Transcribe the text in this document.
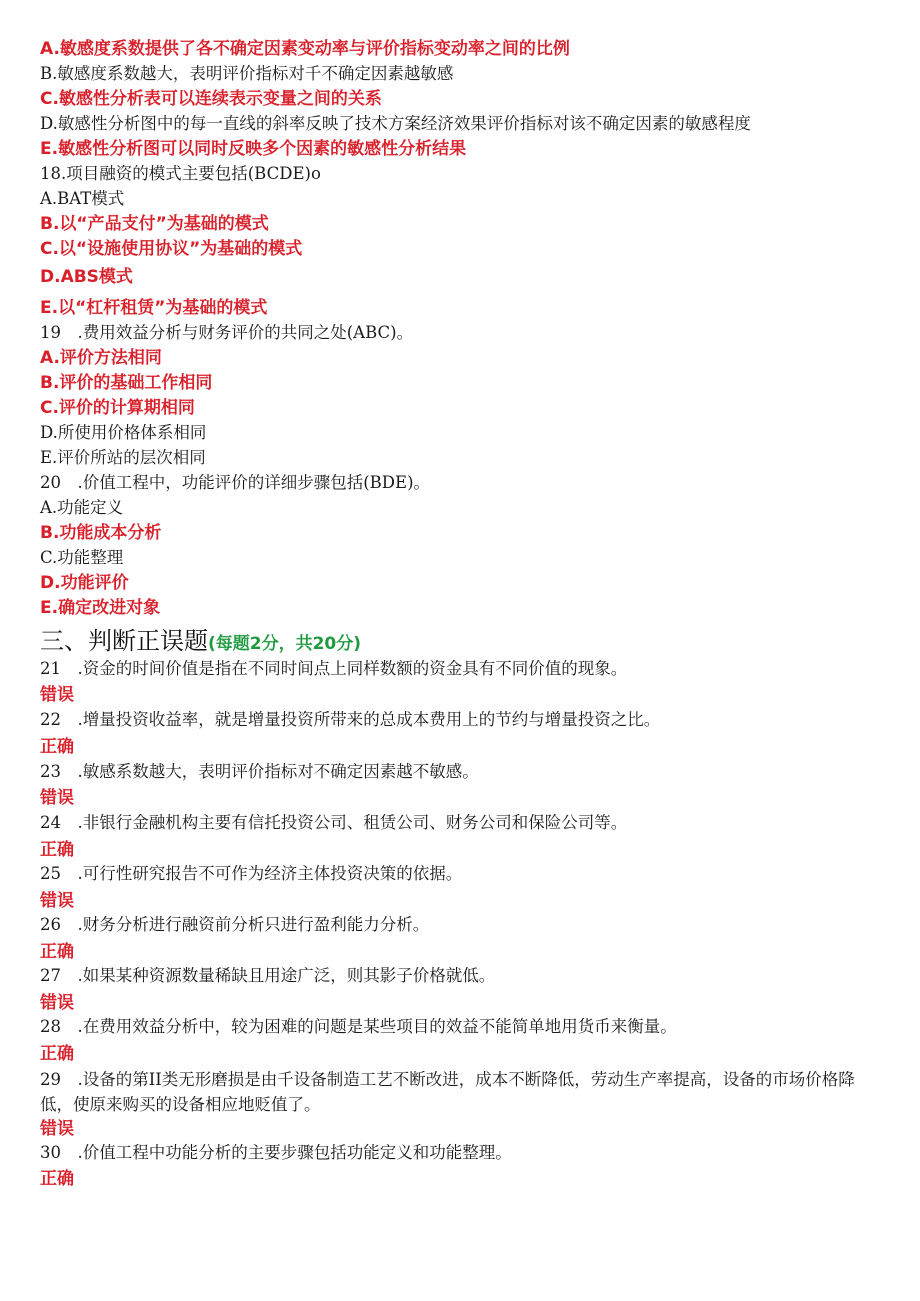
A.敏感度系数提供了各不确定因素变动率与评价指标变动率之间的比例
B.敏感度系数越大，表明评价指标对千不确定因素越敏感
C.敏感性分析表可以连续表示变量之间的关系
D.敏感性分析图中的每一直线的斜率反映了技术方案经济效果评价指标对该不确定因素的敏感程度
E.敏感性分析图可以同时反映多个因素的敏感性分析结果
18.项目融资的模式主要包括(BCDE)o
A.BAT模式
B.以“产品支付”为基础的模式
C.以“设施使用协议”为基础的模式
D.ABS模式
E.以“杠杆租赁”为基础的模式
19　.费用效益分析与财务评价的共同之处(ABC)。
A.评价方法相同
B.评价的基础工作相同
C.评价的计算期相同
D.所使用价格体系相同
E.评价所站的层次相同
20　.价值工程中，功能评价的详细步骤包括(BDE)。
A.功能定义
B.功能成本分析
C.功能整理
D.功能评价
E.确定改进对象
三、判断正误题(每题2分，共20分)
21　.资金的时间价值是指在不同时间点上同样数额的资金具有不同价值的现象。
错误
22　.增量投资收益率，就是增量投资所带来的总成本费用上的节约与增量投资之比。
正确
23　.敏感系数越大，表明评价指标对不确定因素越不敏感。
错误
24　.非银行金融机构主要有信托投资公司、租赁公司、财务公司和保险公司等。
正确
25　.可行性研究报告不可作为经济主体投资决策的依据。
错误
26　.财务分析进行融资前分析只进行盈利能力分析。
正确
27　.如果某种资源数量稀缺且用途广泛，则其影子价格就低。
错误
28　.在费用效益分析中，较为困难的问题是某些项目的效益不能简单地用货币来衡量。
正确
29　.设备的第II类无形磨损是由千设备制造工艺不断改进，成本不断降低，劳动生产率提高，设备的市场价格降低，使原来购买的设备相应地贬值了。
错误
30　.价值工程中功能分析的主要步骤包括功能定义和功能整理。
正确
